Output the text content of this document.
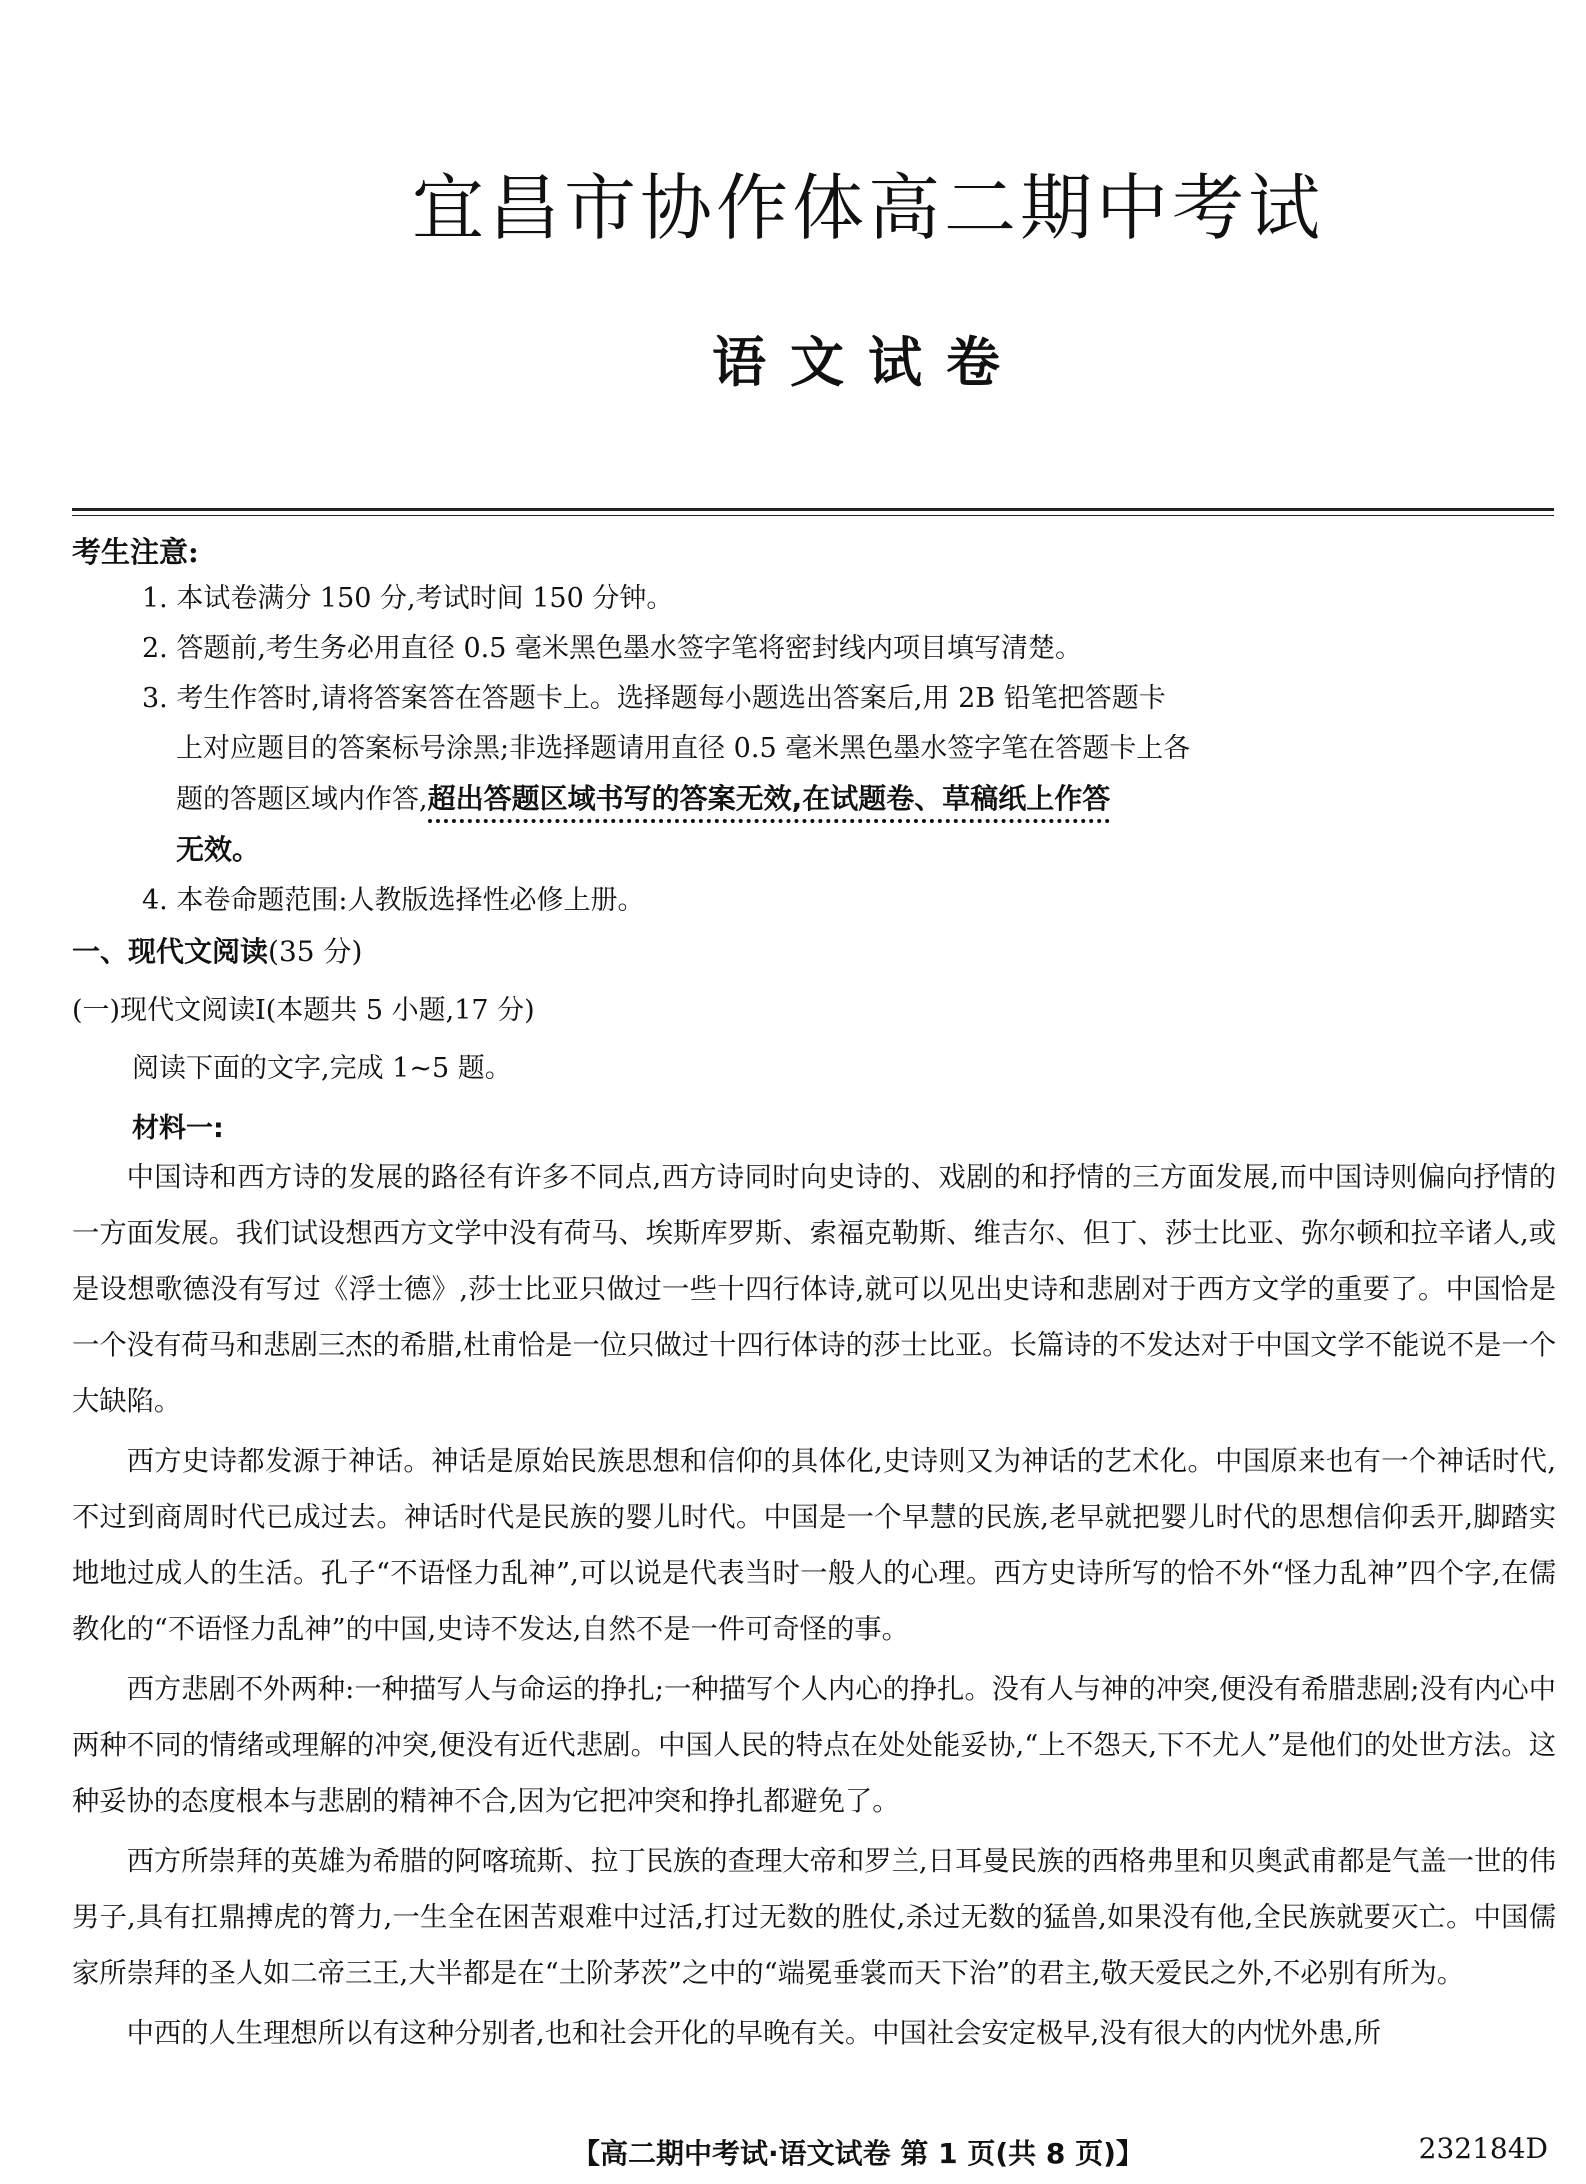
宜昌市协作体高二期中考试
语文试卷
考生注意:

1. 本试卷满分 150 分,考试时间 150 分钟。

2. 答题前,考生务必用直径 0.5 毫米黑色墨水签字笔将密封线内项目填写清楚。

3. 考生作答时,请将答案答在答题卡上。选择题每小题选出答案后,用 2B 铅笔把答题卡

上对应题目的答案标号涂黑;非选择题请用直径 0.5 毫米黑色墨水签字笔在答题卡上各

题的答题区域内作答,超出答题区域书写的答案无效,在试题卷、草稿纸上作答

无效。

4. 本卷命题范围:人教版选择性必修上册。

一、现代文阅读(35 分)
(一)现代文阅读Ⅰ(本题共 5 小题,17 分)
阅读下面的文字,完成 1~5 题。
材料一:

中国诗和西方诗的发展的路径有许多不同点,西方诗同时向史诗的、戏剧的和抒情的三方面发展,而中国诗则偏向抒情的一方面发展。我们试设想西方文学中没有荷马、埃斯库罗斯、索福克勒斯、维吉尔、但丁、莎士比亚、弥尔顿和拉辛诸人,或是设想歌德没有写过《浮士德》,莎士比亚只做过一些十四行体诗,就可以见出史诗和悲剧对于西方文学的重要了。中国恰是一个没有荷马和悲剧三杰的希腊,杜甫恰是一位只做过十四行体诗的莎士比亚。长篇诗的不发达对于中国文学不能说不是一个大缺陷。

西方史诗都发源于神话。神话是原始民族思想和信仰的具体化,史诗则又为神话的艺术化。中国原来也有一个神话时代,不过到商周时代已成过去。神话时代是民族的婴儿时代。中国是一个早慧的民族,老早就把婴儿时代的思想信仰丢开,脚踏实地地过成人的生活。孔子“不语怪力乱神”,可以说是代表当时一般人的心理。西方史诗所写的恰不外“怪力乱神”四个字,在儒教化的“不语怪力乱神”的中国,史诗不发达,自然不是一件可奇怪的事。

西方悲剧不外两种:一种描写人与命运的挣扎;一种描写个人内心的挣扎。没有人与神的冲突,便没有希腊悲剧;没有内心中两种不同的情绪或理解的冲突,便没有近代悲剧。中国人民的特点在处处能妥协,“上不怨天,下不尤人”是他们的处世方法。这种妥协的态度根本与悲剧的精神不合,因为它把冲突和挣扎都避免了。

西方所崇拜的英雄为希腊的阿喀琉斯、拉丁民族的查理大帝和罗兰,日耳曼民族的西格弗里和贝奥武甫都是气盖一世的伟男子,具有扛鼎搏虎的膂力,一生全在困苦艰难中过活,打过无数的胜仗,杀过无数的猛兽,如果没有他,全民族就要灭亡。中国儒家所崇拜的圣人如二帝三王,大半都是在“土阶茅茨”之中的“端冕垂裳而天下治”的君主,敬天爱民之外,不必别有所为。

中西的人生理想所以有这种分别者,也和社会开化的早晚有关。中国社会安定极早,没有很大的内忧外患,所

【高二期中考试·语文试卷 第 1 页(共 8 页)】	232184D
